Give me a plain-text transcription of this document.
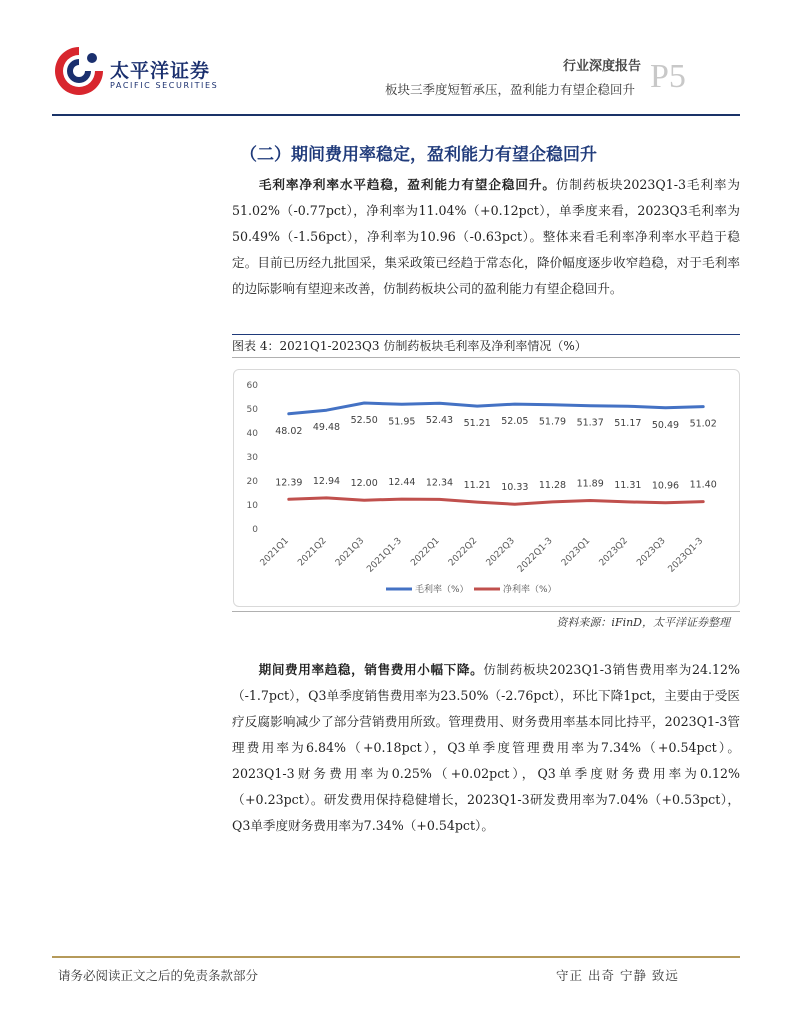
太平洋证券
PACIFIC SECURITIES
行业深度报告
板块三季度短暂承压，盈利能力有望企稳回升 P5
（二）期间费用率稳定，盈利能力有望企稳回升
毛利率净利率水平趋稳，盈利能力有望企稳回升。仿制药板块2023Q1-3毛利率为51.02%（-0.77pct），净利率为11.04%（+0.12pct），单季度来看，2023Q3毛利率为50.49%（-1.56pct），净利率为10.96（-0.63pct）。整体来看毛利率净利率水平趋于稳定。目前已历经九批国采，集采政策已经趋于常态化，降价幅度逐步收窄趋稳，对于毛利率的边际影响有望迎来改善，仿制药板块公司的盈利能力有望企稳回升。
图表 4：2021Q1-2023Q3 仿制药板块毛利率及净利率情况（%）
0
10
20
30
40
50
60
2021Q1 2021Q2 2021Q3
2021Q1-3 2022Q1 2022Q2 2022Q3
2022Q1-3 2023Q1 2023Q2 2023Q3
2023Q1-3
48.02 49.48
52.50 51.95 52.43 51.21 52.05 51.79 51.37 51.17 50.49 51.02
12.39 12.94 12.00 12.44 12.34 11.21 10.33 11.28 11.89 11.31 10.96 11.40
毛利率（%）	净利率（%）
资料来源：iFinD，太平洋证券整理
期间费用率趋稳，销售费用小幅下降。仿制药板块2023Q1-3销售费用率为24.12%（-1.7pct），Q3单季度销售费用率为23.50%（-2.76pct），环比下降1pct，主要由于受医疗反腐影响减少了部分营销费用所致。管理费用、财务费用率基本同比持平，2023Q1-3管理费用率为6.84%（+0.18pct），Q3单季度管理费用率为7.34%（+0.54pct）。2023Q1-3财务费用率为0.25%（+0.02pct），Q3单季度财务费用率为0.12%（+0.23pct）。研发费用保持稳健增长，2023Q1-3研发费用率为7.04%（+0.53pct），Q3单季度财务费用率为7.34%（+0.54pct）。
请务必阅读正文之后的免责条款部分	守正 出奇 宁静 致远
